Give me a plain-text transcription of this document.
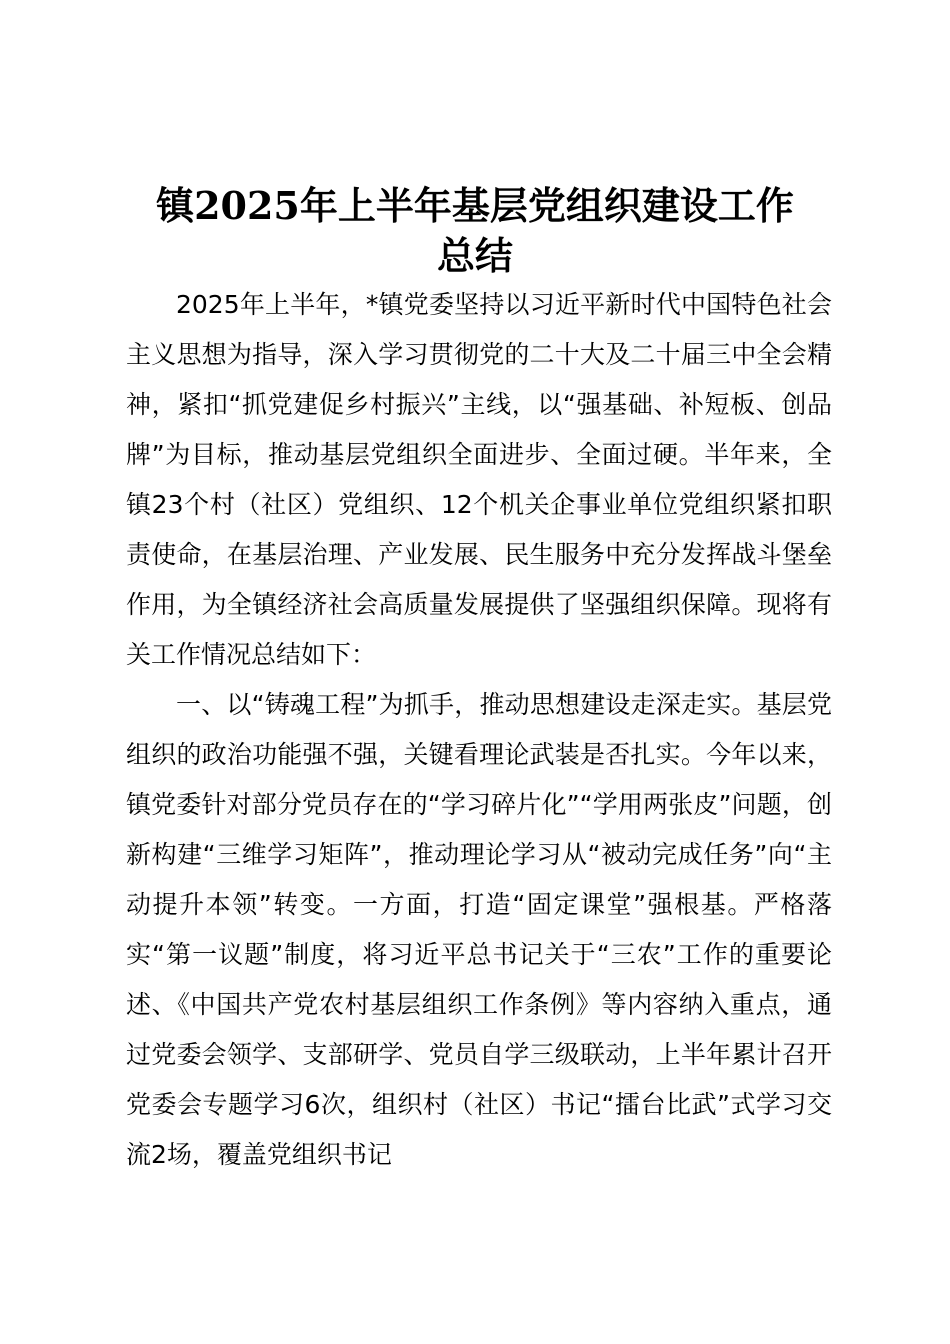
镇2025年上半年基层党组织建设工作
总结

2025年上半年，*镇党委坚持以习近平新时代中国特色社会主义思想为指导，深入学习贯彻党的二十大及二十届三中全会精神，紧扣“抓党建促乡村振兴”主线，以“强基础、补短板、创品牌”为目标，推动基层党组织全面进步、全面过硬。半年来，全镇23个村（社区）党组织、12个机关企事业单位党组织紧扣职责使命，在基层治理、产业发展、民生服务中充分发挥战斗堡垒作用，为全镇经济社会高质量发展提供了坚强组织保障。现将有关工作情况总结如下：

一、以“铸魂工程”为抓手，推动思想建设走深走实。基层党组织的政治功能强不强，关键看理论武装是否扎实。今年以来，镇党委针对部分党员存在的“学习碎片化”“学用两张皮”问题，创新构建“三维学习矩阵”，推动理论学习从“被动完成任务”向“主动提升本领”转变。一方面，打造“固定课堂”强根基。严格落实“第一议题”制度，将习近平总书记关于“三农”工作的重要论述、《中国共产党农村基层组织工作条例》等内容纳入重点，通过党委会领学、支部研学、党员自学三级联动，上半年累计召开党委会专题学习6次，组织村（社区）书记“擂台比武”式学习交流2场，覆盖党组织书记
